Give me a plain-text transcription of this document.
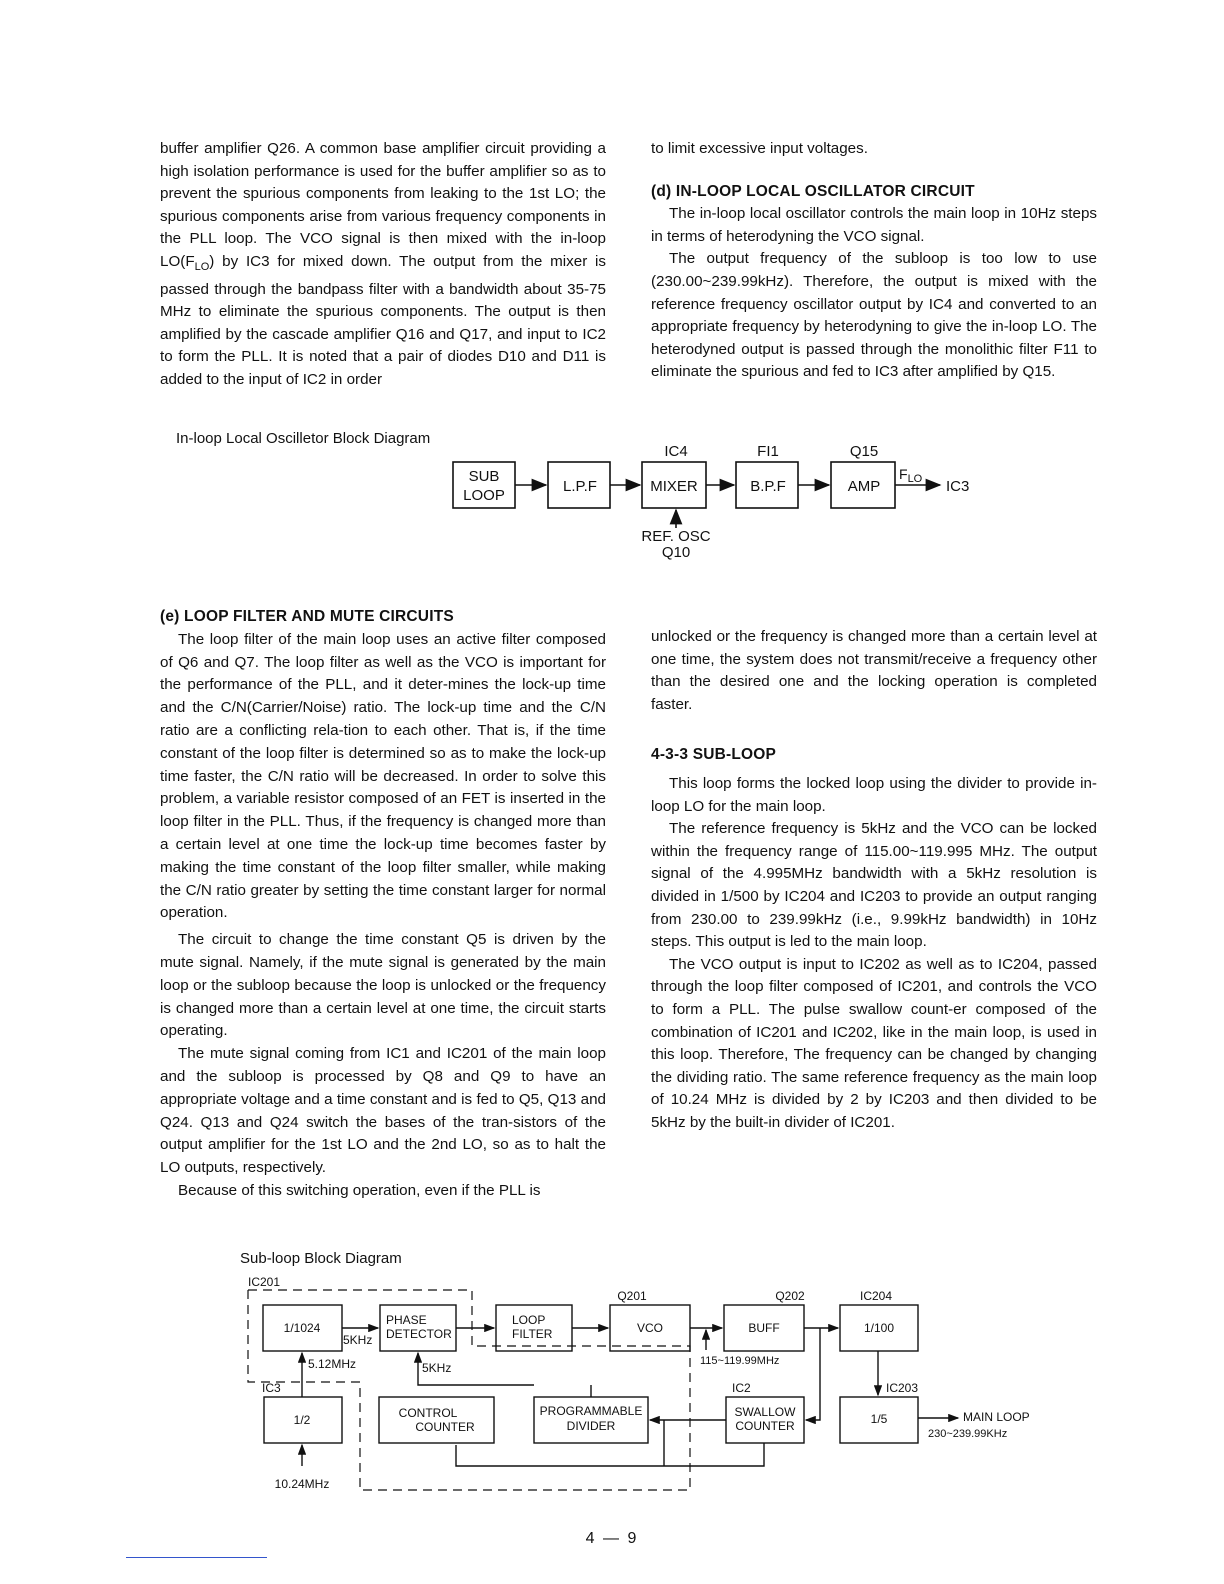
buffer amplifier Q26. A common base amplifier circuit providing a high isolation performance is used for the buffer amplifier so as to prevent the spurious components from leaking to the 1st LO; the spurious components arise from various frequency components in the PLL loop. The VCO signal is then mixed with the in-loop $LO(F_{LO})$ by IC3 for mixed down. The output from the mixer is passed through the bandpass filter with a bandwidth about 35-75 MHz to eliminate the spurious components. The output is then amplified by the cascade amplifier Q16 and Q17, and input to IC2 to form the PLL. It is noted that a pair of diodes D10 and D11 is added to the input of IC2 in order

to limit excessive input voltages.

(d) IN-LOOP LOCAL OSCILLATOR CIRCUIT

The in-loop local oscillator controls the main loop in 10Hz steps in terms of heterodyning the VCO signal.

The output frequency of the subloop is too low to use (230.00~239.99kHz). Therefore, the output is mixed with the reference frequency oscillator output by IC4 and converted to an appropriate frequency by heterodyning to give the in-loop LO. The heterodyned output is passed through the monolithic filter F11 to eliminate the spurious and fed to IC3 after amplified by Q15.

In-loop Local Oscilletor Block Diagram
SUB
LOOP
L.P.F	MIXER	B.P.F	AMP
IC4	FI1	Q15
$F_{LO}$ IC3
REF. OSC
Q10

(e) LOOP FILTER AND MUTE CIRCUITS

The loop filter of the main loop uses an active filter composed of Q6 and Q7. The loop filter as well as the VCO is important for the performance of the PLL, and it deter-mines the lock-up time and the C/N(Carrier/Noise) ratio. The lock-up time and the C/N ratio are a conflicting rela-tion to each other. That is, if the time constant of the loop filter is determined so as to make the lock-up time faster, the C/N ratio will be decreased. In order to solve this problem, a variable resistor composed of an FET is inserted in the loop filter in the PLL. Thus, if the frequency is changed more than a certain level at one time the lock-up time becomes faster by making the time constant of the loop filter smaller, while making the C/N ratio greater by setting the time constant larger for normal operation.

The circuit to change the time constant Q5 is driven by the mute signal. Namely, if the mute signal is generated by the main loop or the subloop because the loop is unlocked or the frequency is changed more than a certain level at one time, the circuit starts operating.

The mute signal coming from IC1 and IC201 of the main loop and the subloop is processed by Q8 and Q9 to have an appropriate voltage and a time constant and is fed to Q5, Q13 and Q24. Q13 and Q24 switch the bases of the tran-sistors of the output amplifier for the 1st LO and the 2nd LO, so as to halt the LO outputs, respectively.

Because of this switching operation, even if the PLL is

unlocked or the frequency is changed more than a certain level at one time, the system does not transmit/receive a frequency other than the desired one and the locking operation is completed faster.

4-3-3 SUB-LOOP

This loop forms the locked loop using the divider to provide in-loop LO for the main loop.

The reference frequency is 5kHz and the VCO can be locked within the frequency range of 115.00~119.995 MHz. The output signal of the 4.995MHz bandwidth with a 5kHz resolution is divided in 1/500 by IC204 and IC203 to provide an output ranging from 230.00 to 239.99kHz (i.e., 9.99kHz bandwidth) in 10Hz steps. This output is led to the main loop.

The VCO output is input to IC202 as well as to IC204, passed through the loop filter composed of IC201, and controls the VCO to form a PLL. The pulse swallow count-er composed of the combination of IC201 and IC202, like in the main loop, is used in this loop. Therefore, The frequency can be changed by changing the dividing ratio. The same reference frequency as the main loop of 10.24 MHz is divided by 2 by IC203 and then divided to be 5kHz by the built-in divider of IC201.

Sub-loop Block Diagram
IC201
1/1024
5KHz
PHASE
DETECTOR
LOOP
FILTER
Q201
VCO
Q202
BUFF
IC204
1/100
5.12MHz	5KHz	115~119.99MHz
IC3	IC2	IC203
1/2	CONTROL
COUNTER
PROGRAMMABLE
DIVIDER
SWALLOW
COUNTER	1/5	MAIN LOOP
230~239.99KHz
10.24MHz
4 — 9
